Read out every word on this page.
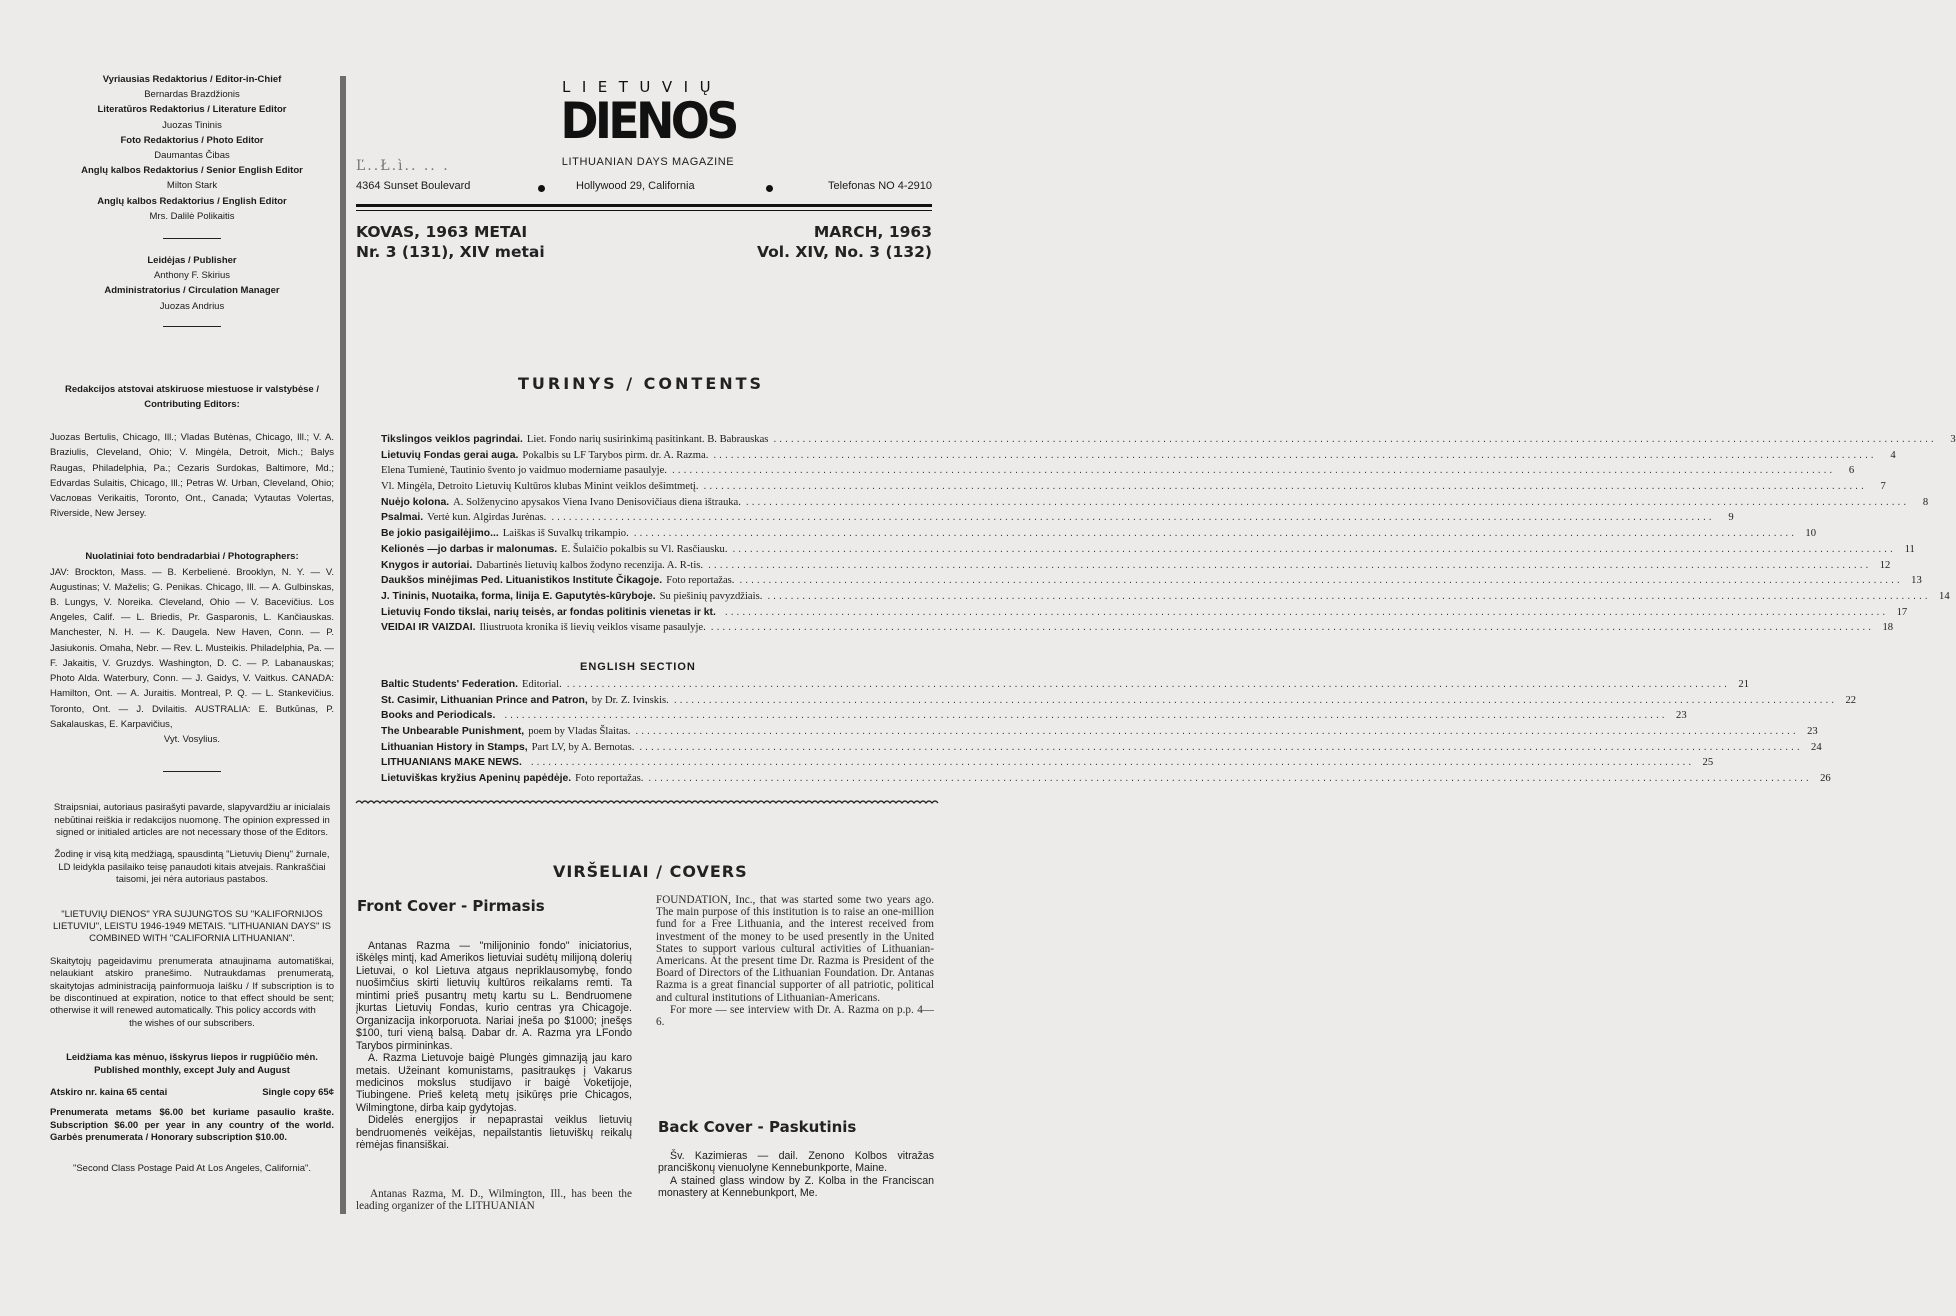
Vyriausias Redaktorius / Editor-in-Chief
Bernardas Brazdžionis
Literatūros Redaktorius / Literature Editor
Juozas Tininis
Foto Redaktorius / Photo Editor
Daumantas Čibas
Anglų kalbos Redaktorius / Senior English Editor
Milton Stark
Anglų kalbos Redaktorius / English Editor
Mrs. Dalilė Polikaitis
Leidėjas / Publisher
Anthony F. Skirius
Administratorius / Circulation Manager
Juozas Andrius
Redakcijos atstovai atskiruose miestuose ir valstybėse / Contributing Editors:
Juozas Bertulis, Chicago, Ill.; Vladas Butėnas, Chicago, Ill.; V. A. Braziulis, Cleveland, Ohio; V. Mingėla, Detroit, Mich.; Balys Raugas, Philadelphia, Pa.; Cezaris Surdokas, Baltimore, Md.; Edvardas Sulaitis, Chicago, Ill.; Petras W. Urban, Cleveland, Ohio; Vacловas Verikaitis, Toronto, Ont., Canada; Vytautas Volertas, Riverside, New Jersey.
Nuolatiniai foto bendradarbiai / Photographers:
JAV: Brockton, Mass. — B. Kerbelienė. Brooklyn, N. Y. — V. Augustinas; V. Maželis; G. Penikas. Chicago, Ill. — A. Gulbinskas, B. Lungys, V. Noreika. Cleveland, Ohio — V. Bacevičius. Los Angeles, Calif. — L. Briedis, Pr. Gasparonis, L. Kančiauskas. Manchester, N. H. — K. Daugela. New Haven, Conn. — P. Jasiukonis. Omaha, Nebr. — Rev. L. Musteikis. Philadelphia, Pa. — F. Jakaitis, V. Gruzdys. Washington, D. C. — P. Labanauskas; Photo Alda. Waterbury, Conn. — J. Gaidys, V. Vaitkus. CANADA: Hamilton, Ont. — A. Juraitis. Montreal, P. Q. — L. Stankevičius. Toronto, Ont. — J. Dvilaitis. AUSTRALIA: E. Butkūnas, P. Sakalauskas, E. Karpavičius,
Vyt. Vosylius.
Straipsniai, autoriaus pasirašyti pavarde, slapyvardžiu ar inicialais nebūtinai reiškia ir redakcijos nuomonę. The opinion expressed in signed or initialed articles are not necessary those of the Editors.
Žodinę ir visą kitą medžiagą, spausdintą "Lietuvių Dienų" žurnale, LD leidykla pasilaiko teisę panaudoti kitais atvejais. Rankraščiai taisomi, jei nėra autoriaus pastabos.
"LIETUVIŲ DIENOS" YRA SUJUNGTOS SU "KALIFORNIJOS LIETUVIU", LEISTU 1946-1949 METAIS. "LITHUANIAN DAYS" IS COMBINED WITH "CALIFORNIA LITHUANIAN".
Skaitytojų pageidavimu prenumerata atnaujinama automatiškai, nelaukiant atskiro pranešimo. Nutraukdamas prenumeratą, skaitytojas administraciją painformuoja laišku / If subscription is to be discontinued at expiration, notice to that effect should be sent; otherwise it will renewed automatically. This policy accords with
the wishes of our subscribers.
Leidžiama kas mėnuo, išskyrus liepos ir rugpiūčio mėn.
Published monthly, except July and August
Atskiro nr. kaina 65 centai	Single copy 65¢
Prenumerata metams $6.00 bet kuriame pasaulio krašte. Subscription $6.00 per year in any country of the world. Garbės prenumerata / Honorary subscription $10.00.
"Second Class Postage Paid At Los Angeles, California".
LIETUVIŲ
DIENOS
LITHUANIAN DAYS MAGAZINE
Ľ..Ł.ì.. .. .
4364 Sunset Boulevard	Hollywood 29, California	Telefonas NO 4-2910
KOVAS, 1963 METAI
Nr. 3 (131), XIV metai
MARCH, 1963
Vol. XIV, No. 3 (132)
TURINYS / CONTENTS
Tikslingos veiklos pagrindai. Liet. Fondo narių susirinkimą pasitinkant. B. Babrauskas ........................................................................................................................................................................................................	3
Lietuvių Fondas gerai auga. Pokalbis su LF Tarybos pirm. dr. A. Razma. ........................................................................................................................................................................................................	4
Elena Tumienė, Tautinio švento jo vaidmuo moderniame pasaulyje. ........................................................................................................................................................................................................	6
Vl. Mingėla, Detroito Lietuvių Kultūros klubas Minint veiklos dešimtmetį. ........................................................................................................................................................................................................	7
Nuėjo kolona. A. Solženycino apysakos Viena Ivano Denisovičiaus diena ištrauka. ........................................................................................................................................................................................................	8
Psalmai. Vertė kun. Algirdas Jurėnas. ........................................................................................................................................................................................................	9
Be jokio pasigailėjimo... Laiškas iš Suvalkų trikampio. ........................................................................................................................................................................................................ 10
Kelionės —jo darbas ir malonumas. E. Šulaičio pokalbis su Vl. Rasčiausku. ........................................................................................................................................................................................................ 11
Knygos ir autoriai. Dabartinės lietuvių kalbos žodyno recenzija. A. R-tis. ........................................................................................................................................................................................................ 12
Daukšos minėjimas Ped. Lituanistikos Institute Čikagoje. Foto reportažas. ........................................................................................................................................................................................................ 13
J. Tininis, Nuotaika, forma, linija E. Gaputytės-kūryboje. Su piešinių pavyzdžiais. ........................................................................................................................................................................................................ 14
Lietuvių Fondo tikslai, narių teisės, ar fondas politinis vienetas ir kt. ........................................................................................................................................................................................................ 17
VEIDAI IR VAIZDAI. Iliustruota kronika iš lievių veiklos visame pasaulyje. ........................................................................................................................................................................................................ 18
ENGLISH SECTION
Baltic Students' Federation. Editorial. ........................................................................................................................................................................................................ 21
St. Casimir, Lithuanian Prince and Patron, by Dr. Z. Ivinskis. ........................................................................................................................................................................................................ 22
Books and Periodicals. ........................................................................................................................................................................................................ 23
The Unbearable Punishment, poem by Vladas Šlaitas. ........................................................................................................................................................................................................ 23
Lithuanian History in Stamps, Part LV, by A. Bernotas. ........................................................................................................................................................................................................ 24
LITHUANIANS MAKE NEWS. ........................................................................................................................................................................................................ 25
Lietuviškas kryžius Apeninų papėdėje. Foto reportažas. ........................................................................................................................................................................................................ 26
VIRŠELIAI / COVERS
Front Cover - Pirmasis

Antanas Razma — "milijoninio fondo" iniciatorius, iškėlęs mintį, kad Amerikos lietuviai sudėtų milijoną dolerių Lietuvai, o kol Lietuva atgaus nepriklausomybę, fondo nuošimčius skirti lietuvių kultūros reikalams remti. Ta mintimi prieš pusantrų metų kartu su L. Bendruomene įkurtas Lietuvių Fondas, kurio centras yra Chicagoje. Organizacija inkorporuota. Nariai įneša po $1000; įnešęs $100, turi vieną balsą. Dabar dr. A. Razma yra LFondo Tarybos pirmininkas.

A. Razma Lietuvoje baigė Plungės gimnaziją jau karo metais. Užeinant komunistams, pasitraukęs į Vakarus medicinos mokslus studijavo ir baigė Voketijoje, Tiubingene. Prieš keletą metų įsikūręs prie Chicagos, Wilmingtone, dirba kaip gydytojas.

Didelės energijos ir nepaprastai veiklus lietuvių bendruomenės veikėjas, nepailstantis lietuviškų reikalų rėmėjas finansiškai.

Antanas Razma, M. D., Wilmington, Ill., has been the leading organizer of the LITHUANIAN

FOUNDATION, Inc., that was started some two years ago. The main purpose of this institution is to raise an one-million fund for a Free Lithuania, and the interest received from investment of the money to be used presently in the United States to support various cultural activities of Lithuanian-Americans. At the present time Dr. Razma is President of the Board of Directors of the Lithuanian Foundation. Dr. Antanas Razma is a great financial supporter of all patriotic, political and cultural institutions of Lithuanian-Americans.

For more — see interview with Dr. A. Razma on p.p. 4—6.

Back Cover - Paskutinis

Šv. Kazimieras — dail. Zenono Kolbos vitražas pranciškonų vienuolyne Kennebunkporte, Maine.

A stained glass window by Z. Kolba in the Franciscan monastery at Kennebunkport, Me.
